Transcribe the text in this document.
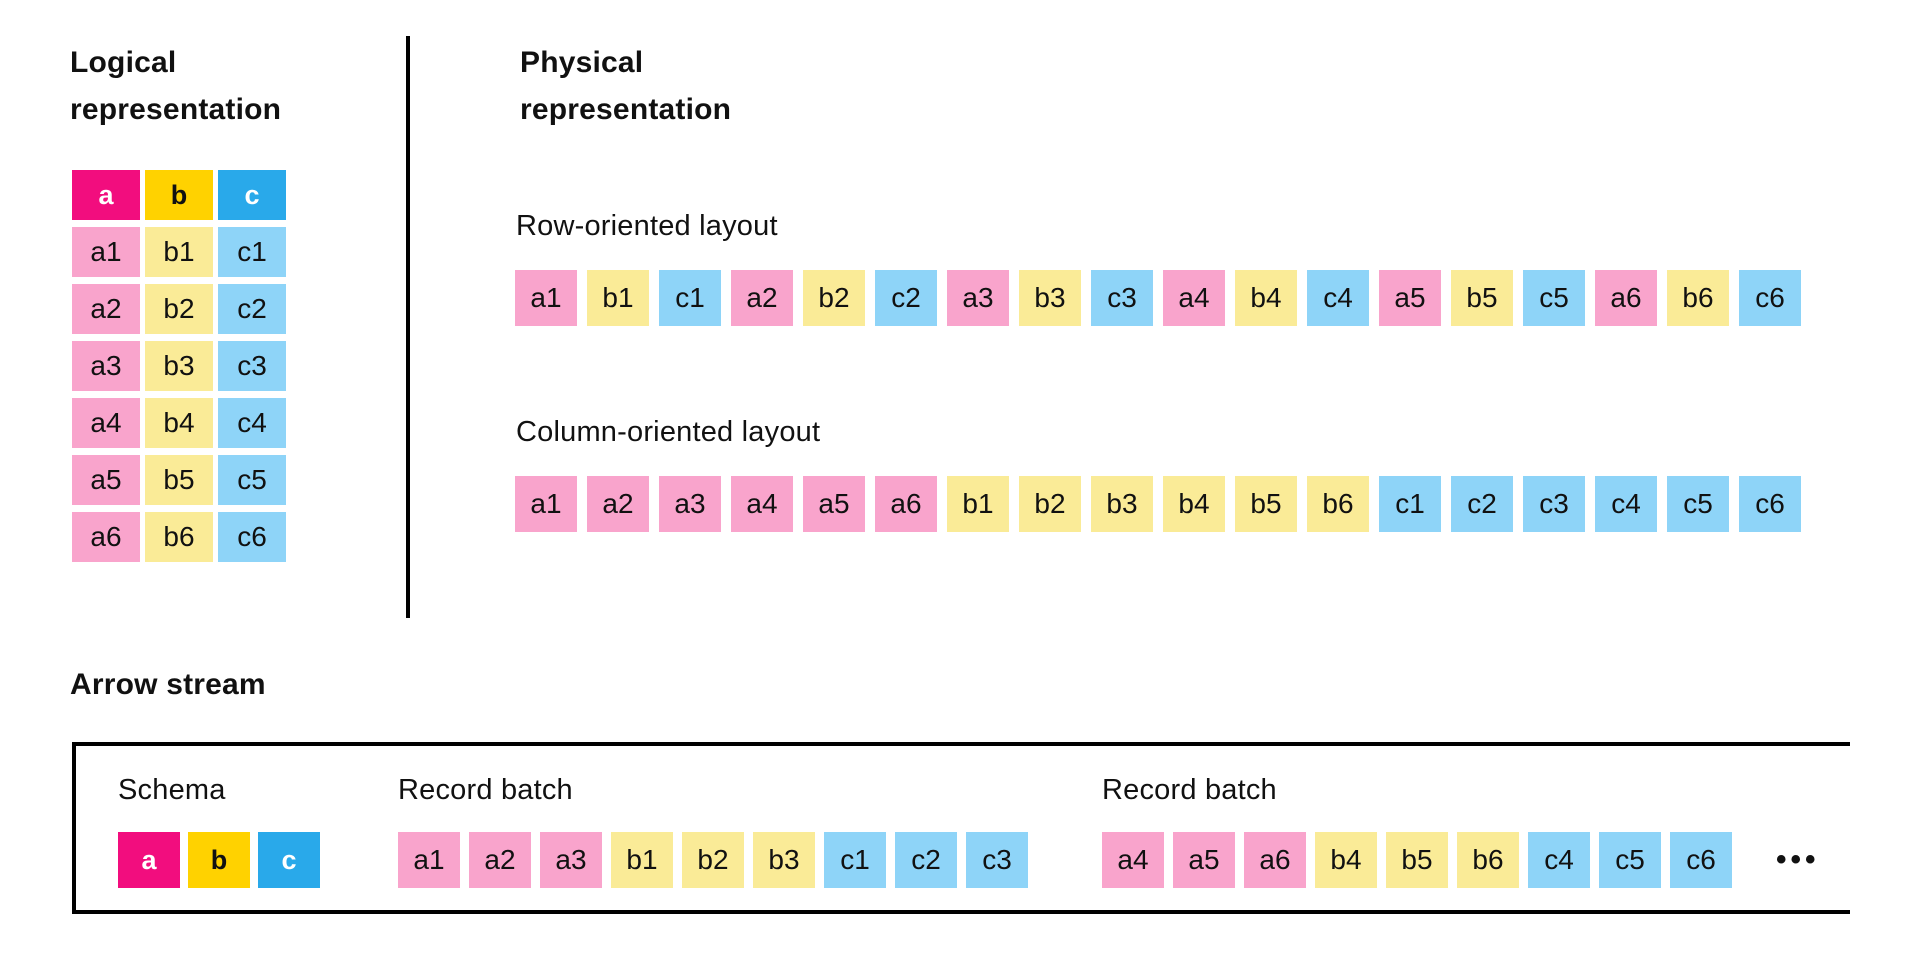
Logical representation
a	b	c
a1	b1	c1
a2	b2	c2
a3	b3	c3
a4	b4	c4
a5	b5	c5
a6	b6	c6
Physical representation
Row-oriented layout
a1	b1	c1	a2	b2	c2	a3	b3	c3	a4	b4	c4	a5	b5	c5	a6	b6	c6
Column-oriented layout
a1	a2	a3	a4	a5	a6	b1	b2	b3	b4	b5	b6	c1	c2	c3	c4	c5	c6
Arrow stream
Schema
a	b	c
Record batch
a1	a2	a3	b1	b2	b3	c1	c2	c3
Record batch
a4	a5	a6	b4	b5	b6	c4	c5	c6	•••
